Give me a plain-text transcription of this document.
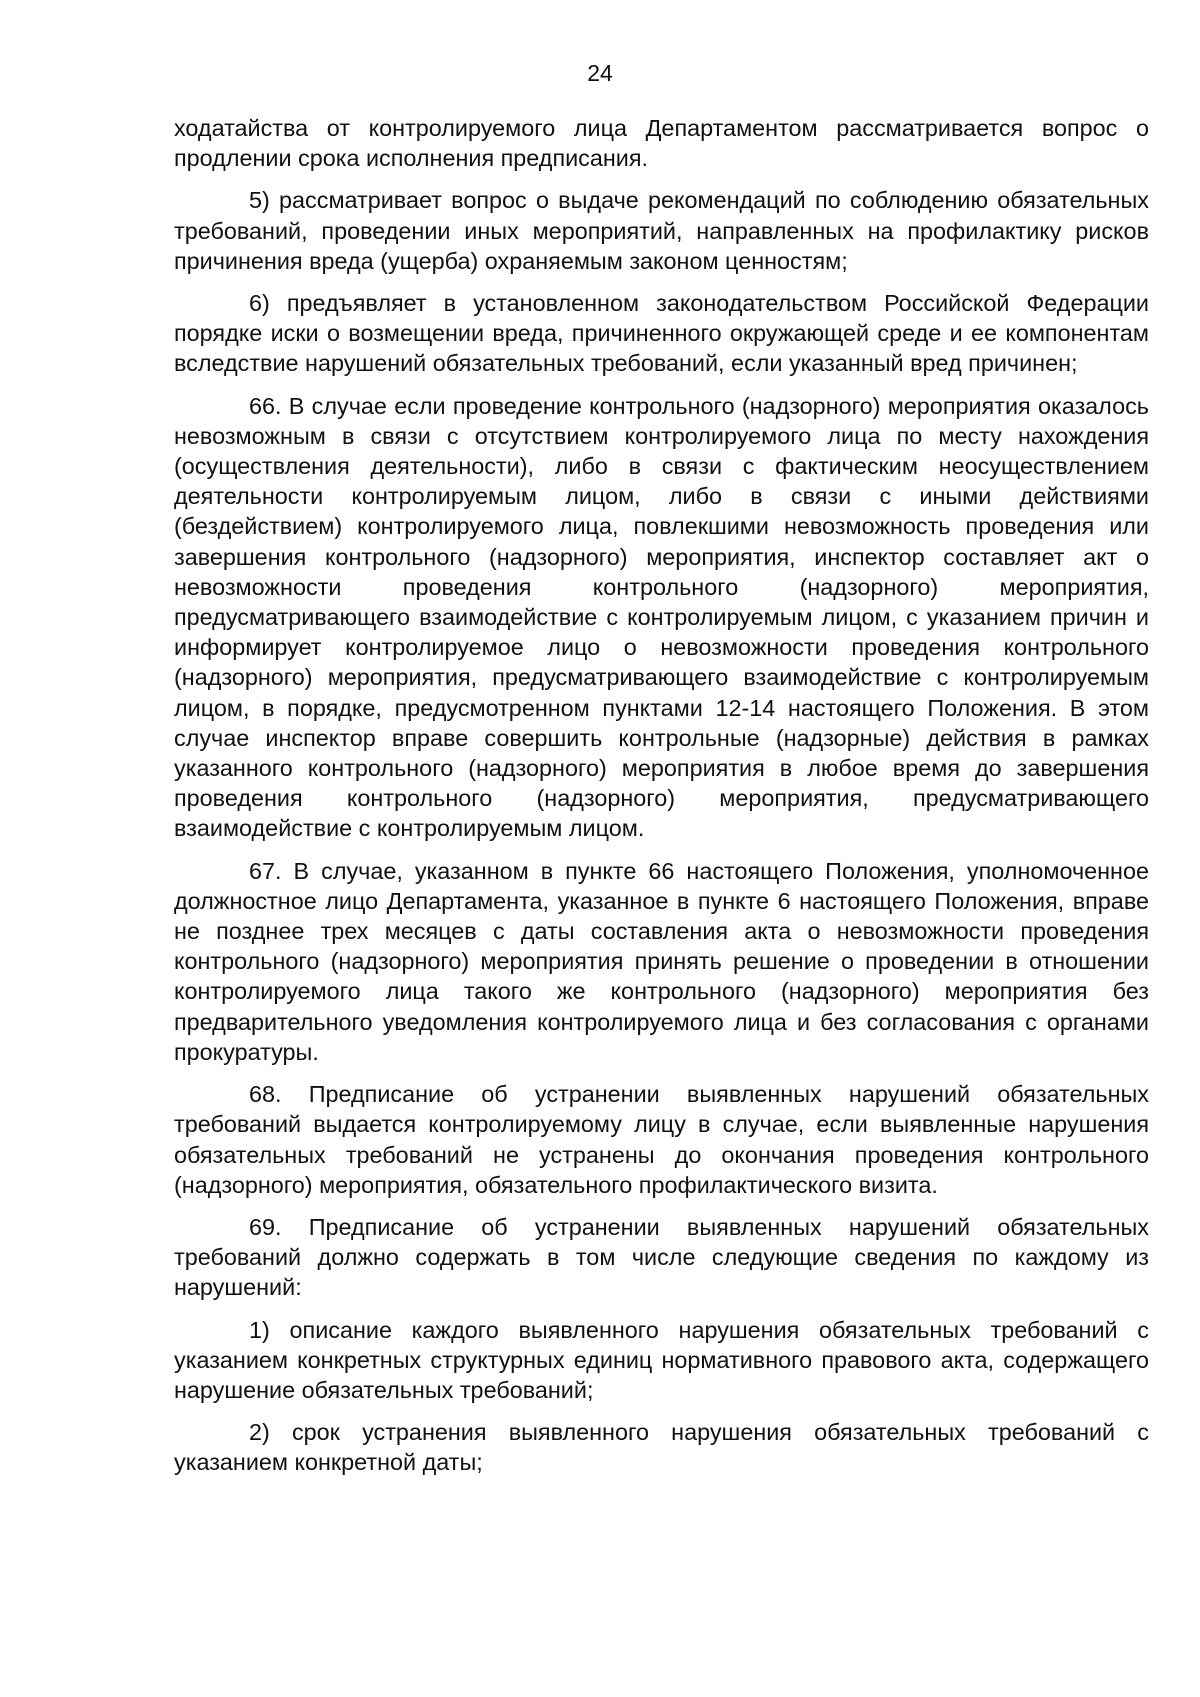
24

ходатайства от контролируемого лица Департаментом рассматривается вопрос о продлении срока исполнения предписания.

5) рассматривает вопрос о выдаче рекомендаций по соблюдению обязательных требований, проведении иных мероприятий, направленных на профилактику рисков причинения вреда (ущерба) охраняемым законом ценностям;

6) предъявляет в установленном законодательством Российской Федерации порядке иски о возмещении вреда, причиненного окружающей среде и ее компонентам вследствие нарушений обязательных требований, если указанный вред причинен;

66. В случае если проведение контрольного (надзорного) мероприятия оказалось невозможным в связи с отсутствием контролируемого лица по месту нахождения (осуществления деятельности), либо в связи с фактическим неосуществлением деятельности контролируемым лицом, либо в связи с иными действиями (бездействием) контролируемого лица, повлекшими невозможность проведения или завершения контрольного (надзорного) мероприятия, инспектор составляет акт о невозможности проведения контрольного (надзорного) мероприятия, предусматривающего взаимодействие с контролируемым лицом, с указанием причин и информирует контролируемое лицо о невозможности проведения контрольного (надзорного) мероприятия, предусматривающего взаимодействие с контролируемым лицом, в порядке, предусмотренном пунктами 12-14 настоящего Положения. В этом случае инспектор вправе совершить контрольные (надзорные) действия в рамках указанного контрольного (надзорного) мероприятия в любое время до завершения проведения контрольного (надзорного) мероприятия, предусматривающего взаимодействие с контролируемым лицом.

67. В случае, указанном в пункте 66 настоящего Положения, уполномоченное должностное лицо Департамента, указанное в пункте 6 настоящего Положения, вправе не позднее трех месяцев с даты составления акта о невозможности проведения контрольного (надзорного) мероприятия принять решение о проведении в отношении контролируемого лица такого же контрольного (надзорного) мероприятия без предварительного уведомления контролируемого лица и без согласования с органами прокуратуры.

68. Предписание об устранении выявленных нарушений обязательных требований выдается контролируемому лицу в случае, если выявленные нарушения обязательных требований не устранены до окончания проведения контрольного (надзорного) мероприятия, обязательного профилактического визита.

69. Предписание об устранении выявленных нарушений обязательных требований должно содержать в том числе следующие сведения по каждому из нарушений:

1) описание каждого выявленного нарушения обязательных требований с указанием конкретных структурных единиц нормативного правового акта, содержащего нарушение обязательных требований;

2) срок устранения выявленного нарушения обязательных требований с указанием конкретной даты;
